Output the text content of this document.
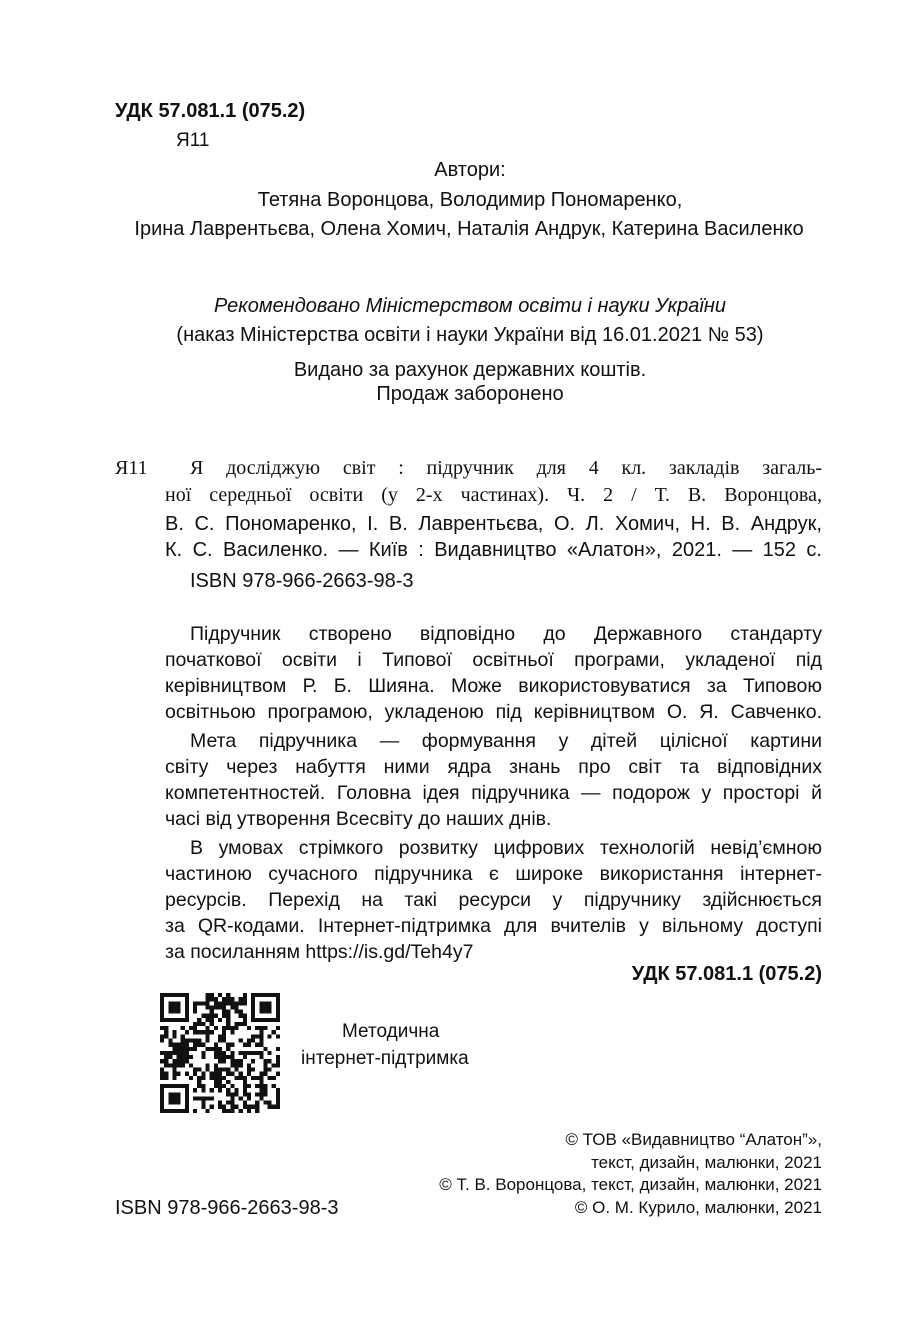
УДК 57.081.1 (075.2)
Я11
Автори:
Тетяна Воронцова, Володимир Пономаренко,
Ірина Лаврентьєва, Олена Хомич, Наталія Андрук, Катерина Василенко
Рекомендовано Міністерством освіти і науки України
(наказ Міністерства освіти і науки України від 16.01.2021 № 53)
Видано за рахунок державних коштів.
Продаж заборонено
Я11 Я досліджую світ : підручник для 4 кл. закладів загаль-
ної середньої освіти (у 2-х частинах). Ч. 2 / Т. В. Воронцова,
В. С. Пономаренко, І. В. Лаврентьєва, О. Л. Хомич, Н. В. Андрук,
К. С. Василенко. — Київ : Видавництво «Алатон», 2021. — 152 с.
ISBN 978-966-2663-98-3
Підручник створено відповідно до Державного стандарту
початкової освіти і Типової освітньої програми, укладеної під
керівництвом Р. Б. Шияна. Може використовуватися за Типовою
освітньою програмою, укладеною під керівництвом О. Я. Савченко.
Мета підручника — формування у дітей цілісної картини
світу через набуття ними ядра знань про світ та відповідних
компетентностей. Головна ідея підручника — подорож у просторі й
часі від утворення Всесвіту до наших днів.
В умовах стрімкого розвитку цифрових технологій невід’ємною
частиною сучасного підручника є широке використання інтернет-
ресурсів. Перехід на такі ресурси у підручнику здійснюється
за QR-кодами. Інтернет-підтримка для вчителів у вільному доступі
за посиланням https://is.gd/Teh4y7
УДК 57.081.1 (075.2)
Методична
інтернет-підтримка
© ТОВ «Видавництво “Алатон”»,
текст, дизайн, малюнки, 2021
© Т. В. Воронцова, текст, дизайн, малюнки, 2021
© О. М. Курило, малюнки, 2021
ISBN 978-966-2663-98-3
